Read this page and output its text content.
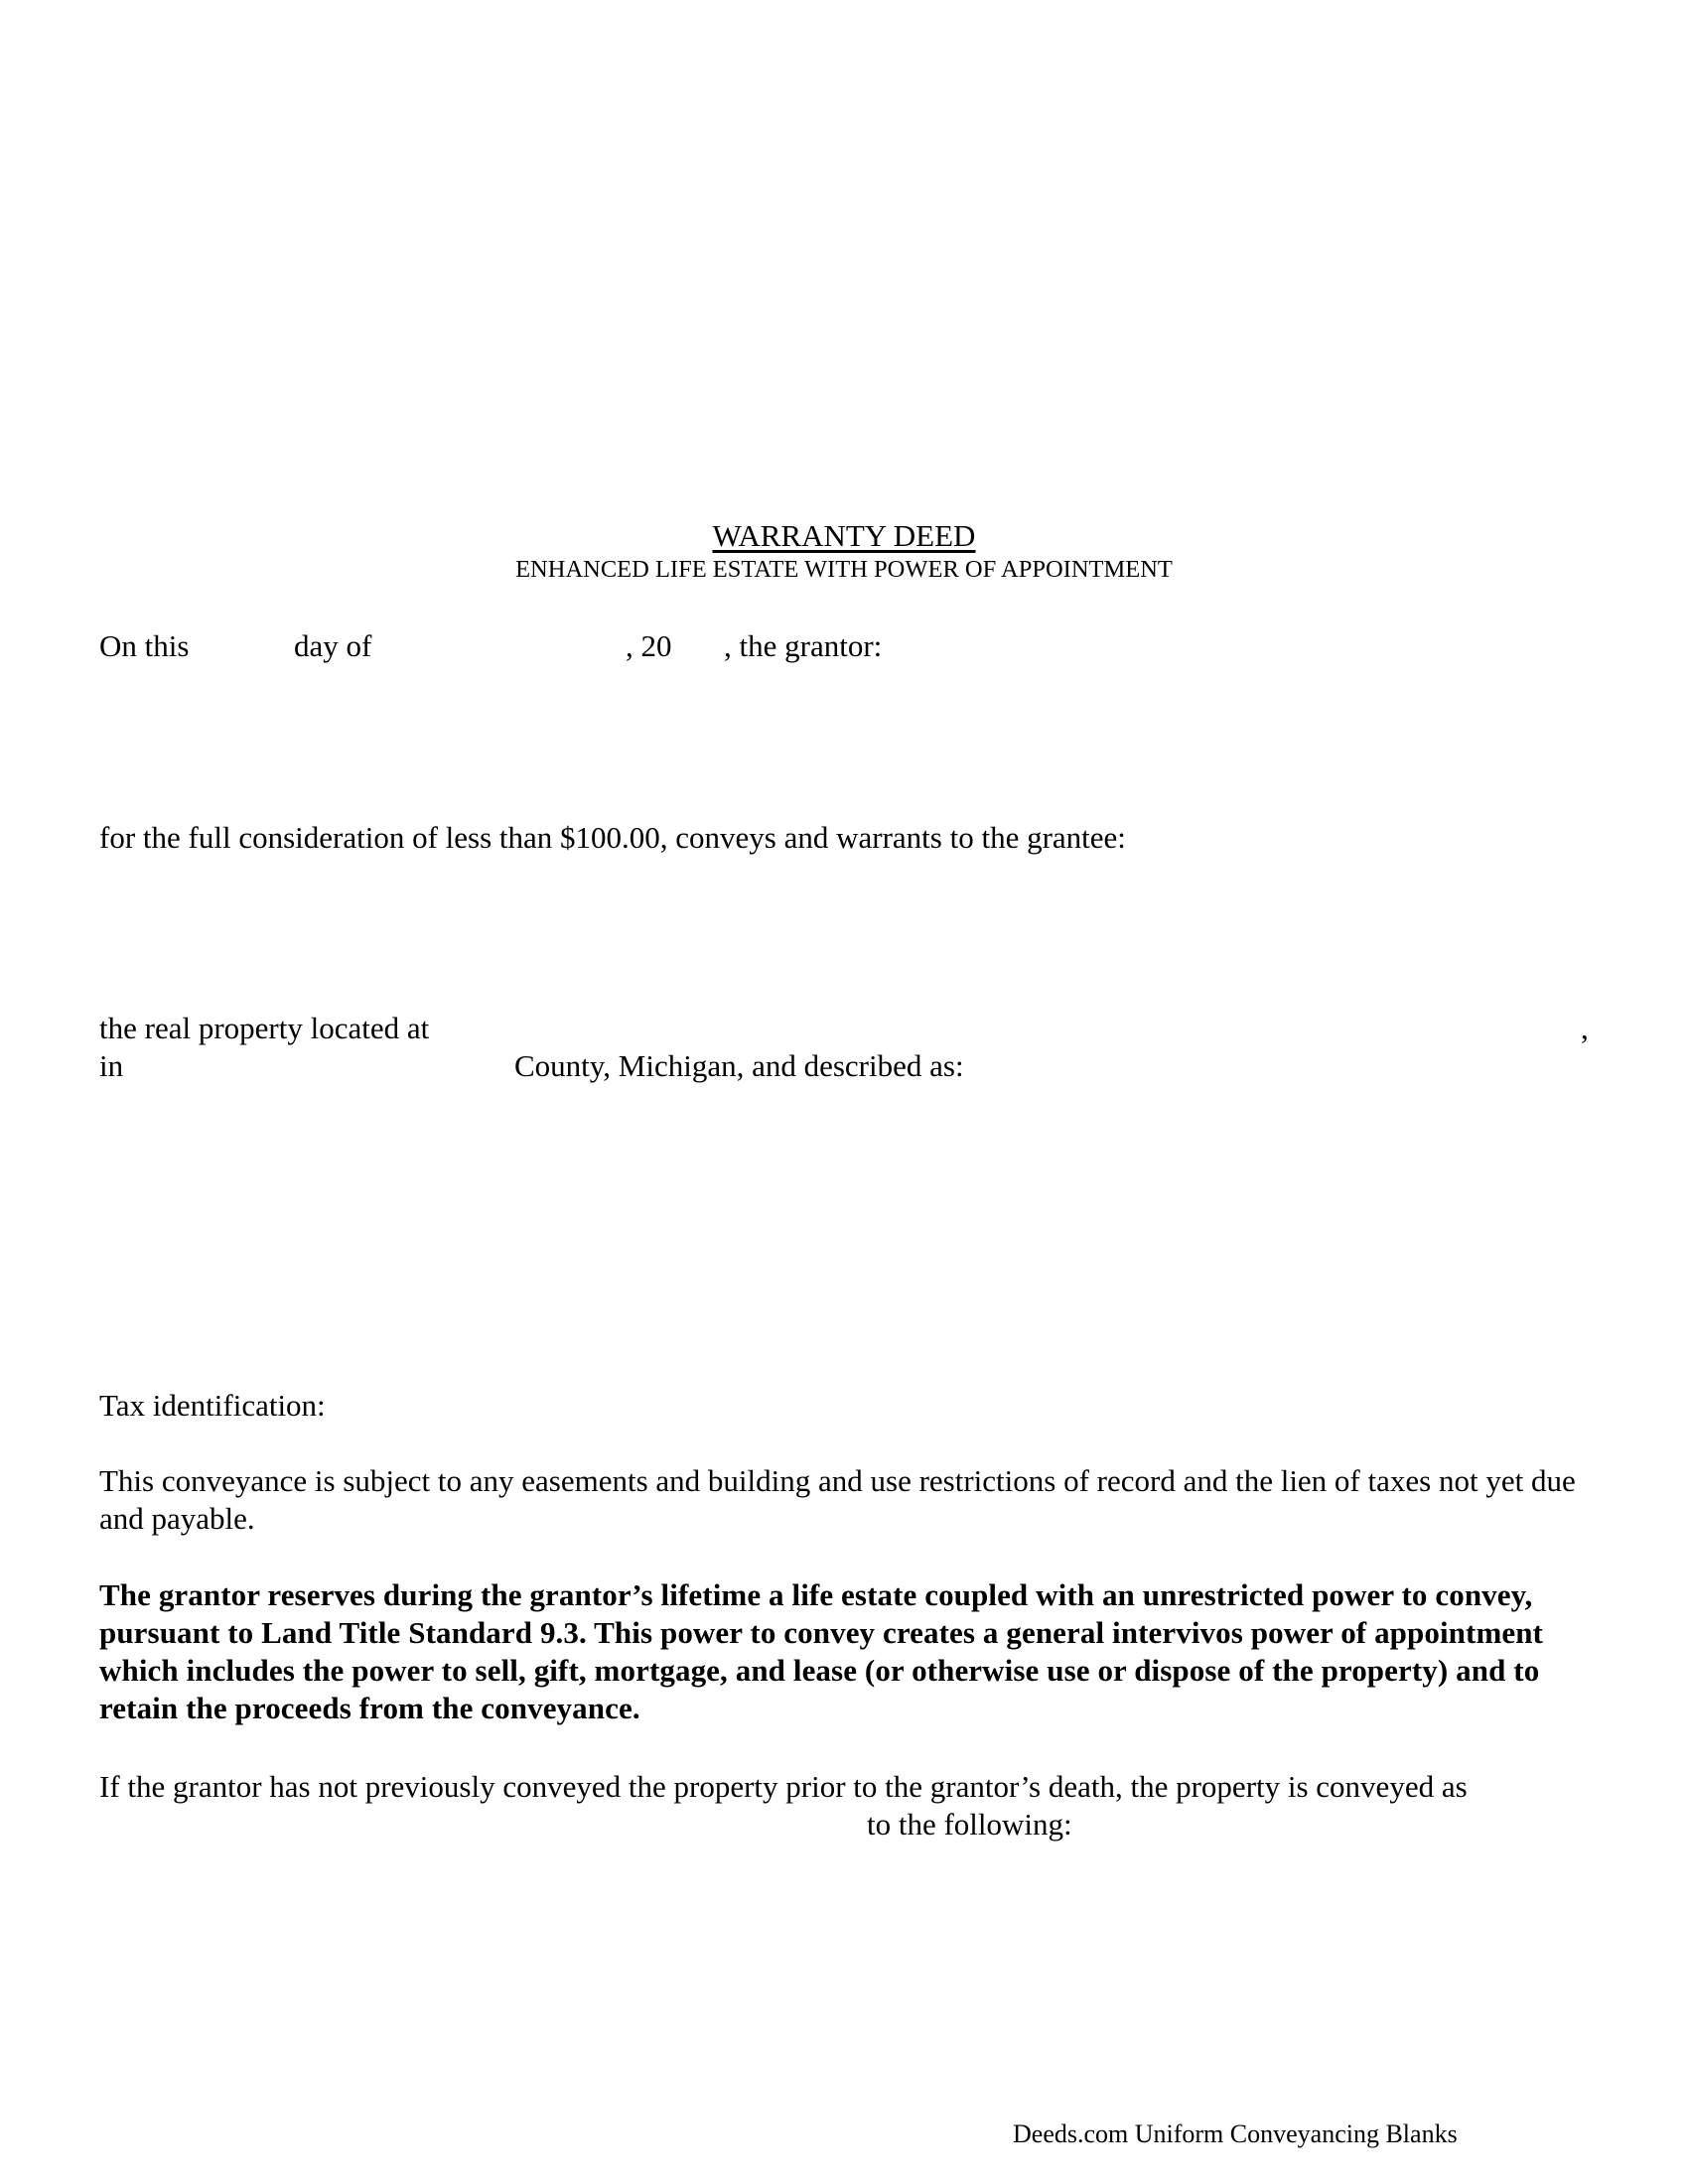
WARRANTY DEED
ENHANCED LIFE ESTATE WITH POWER OF APPOINTMENT
On this	day of	, 20 , the grantor:
for the full consideration of less than $100.00, conveys and warrants to the grantee:
the real property located at	,
in	County, Michigan, and described as:
Tax identification:
This conveyance is subject to any easements and building and use restrictions of record and the lien of taxes not yet due and payable.
The grantor reserves during the grantor’s lifetime a life estate coupled with an unrestricted power to convey, pursuant to Land Title Standard 9.3. This power to convey creates a general intervivos power of appointment which includes the power to sell, gift, mortgage, and lease (or otherwise use or dispose of the property) and to retain the proceeds from the conveyance.
If the grantor has not previously conveyed the property prior to the grantor’s death, the property is conveyed as
to the following:
Deeds.com Uniform Conveyancing Blanks
